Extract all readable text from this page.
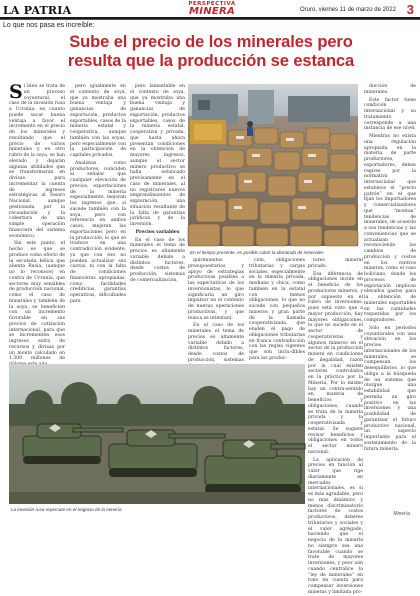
LA PATRIA	PERSPECTIVA
MINERA	Oruro, viernes 11 de marzo de 2022 3
Lo que nos pasa es increíble:
Sube el precio de los minerales pero
resulta que la producción se estanca

Si bien se trata de un proceso coyuntural, el caso de la invasión rusa a Ucrania, en cuanto puede sacar buena ventaja a favor el incremento en el precio de los minerales y resultando que el precio de varios minerales y en otro rubro de la soya, se han elevado y dejarán algunas utilidades que se transformarán en divisas para incrementar la cuenta de ingresos estratégicas al Tesoro Nacional, aunque gestionada por la recaudación y la cobertura de una simple operación financiera del sistema económico.

Sin este punto, el hecho es que se produce como efecto de la escalada bélica que alienta Rusia, (aunque no lo reconoce) en contra de Ucrania, que sectores muy sensibles de producción nacional, como el caso de minerales y también de la soya, se beneficien con un incremento favorable en sus precios de cotización internacional, para que se incrementen esos ingresos extra de recursos y divisas por un monto calculado en 1.500 millones de

pero igualmente en el contexto de soya, que ya mostraba una buena ventaja y ganancias de exportación, productos exportables, casos de la minería estatal y cooperativa, aunque también con las soyas, pero especialmente con la participación de capitales privados.

Analistas como productores, coinciden al señalar que cualquier elevación de precios, exportaciones de la minería especialmente, mejoran los ingresos que, si sucede también con la soya, pero con referencia en ambos casos, mejoran las exportaciones pero en la producción, lo que se traduce en una contradicción evidente, ya que con eso no pueden actualizar sus cuotas, ni con la falta de condiciones financieras apropiadas, como facilidades crediticias, garantías operativas, dificultades para

pero lamentable en el contexto de soya, que ya mostraba una buena ventaja y ganancias de exportación, productos exportables, casos de la minería estatal, cooperativa y privada, que hasta ahora presentan condiciones en la obtención de mayores ingresos, aunque el sector minero productivo se halla estancado precisamente en el caso de minerales, al no registrarse nuevos emprendimientos de exploración, una situación resultante de la falta de garantías jurídicas y de la inversión.

Precios variables

En el caso de los minerales el tema de precios es altamente variable debido a distintos factores, desde costos de producción, sistemas de comercialización,

En el tiempo presente, es posible cubrir la demanda de minerales

quirimientos presupuestarios y apoyo de estrategias productivas posibles a las expectativas de los inversionistas, lo que significaría un giro impulsor en el contexto de nuevas operaciones productivas, y que nunca se intentará.

En el caso de los minerales el tema de precios es altamente variable debido a distintos factores, desde costos de producción, sistemas

ción, obligaciones tributarias y cargas sociales, especialmente en la minería privada, mediana y chica, como también en la estatal con menos obligaciones, lo que no sucede con pequeños mineros y gran parte de la llamada cooperativizada, que eluden el pago de obligaciones tributarias en franca contradicción con las reglas vigentes que son inclu-dibles para los produc-

tores mineral privado.

Esa diferencia de obligaciones incide en el beneficio de los productores mineros, y por supuesto en el rubro de inversiones, pues está visto que a mayor producción, hay mayores obligaciones, lo que no sucede en el sector de cooperativistas y algunos mineros en el sector de la producción minera en condiciones de ilegalidad, razón por la cual existen sectores controlados en la práctica por la Minería, Por lo mismo hay un contra-sentido en materia de beneficios y obligaciones, cuando se trata de la minería privada y la cooperativizada y estatal. Se sugiere revisar beneficios y obligaciones en todos el sector minero nacional.

La aplicación de precios en función al valor que rige diariamente en mercados internacionales, es si es más agradable, pero no más dinámico y menos discriminatorio factores de costos productivos, deberes tributarios y sociales y el valor agregado, haciendo que el negocio de la minería no siempre sea una favorable cuando se trate de mayores inversiones, y peor aún cuando centralice la “ley de minerales” en tono en cuenta para compensar inversiones mineras y limitada pro-

ducción de minerales.

Este factor tiene condición internacional y su tratamiento corresponde a una instancia de ese nivel.

Mientras no exista una regulación apropiada en la materia, de parte productores, exportadores, deben regirse por la normativa internacional que establece el “precio patrón” en el que fijan los importadores y comercializadores que “montan” tendencias de minerales, de acuerdo a sus tendencias y las conveniencias que se actualizan reconociendo los cambios de producción y costos en los centros mineros, como el caso boliviano, donde los procesos de explotación implican elevados gastos para la obtención de minerales exportables en las cantidades requeridas por los compradores.

Sólo en períodos coyunturales con una elevación en los precios internacionales de los minerales, se compensan los desequilibrios, lo que obliga a la búsqueda de un sistema que otorgue una estabilidad que permita un giro positivo en las inversiones y una posibilidad de garantizar el futuro productivo nacional, un aspecto importante para el sostenimiento de la futura minería.

La invasión rusa repercute en el negocio de la minería
Minería
